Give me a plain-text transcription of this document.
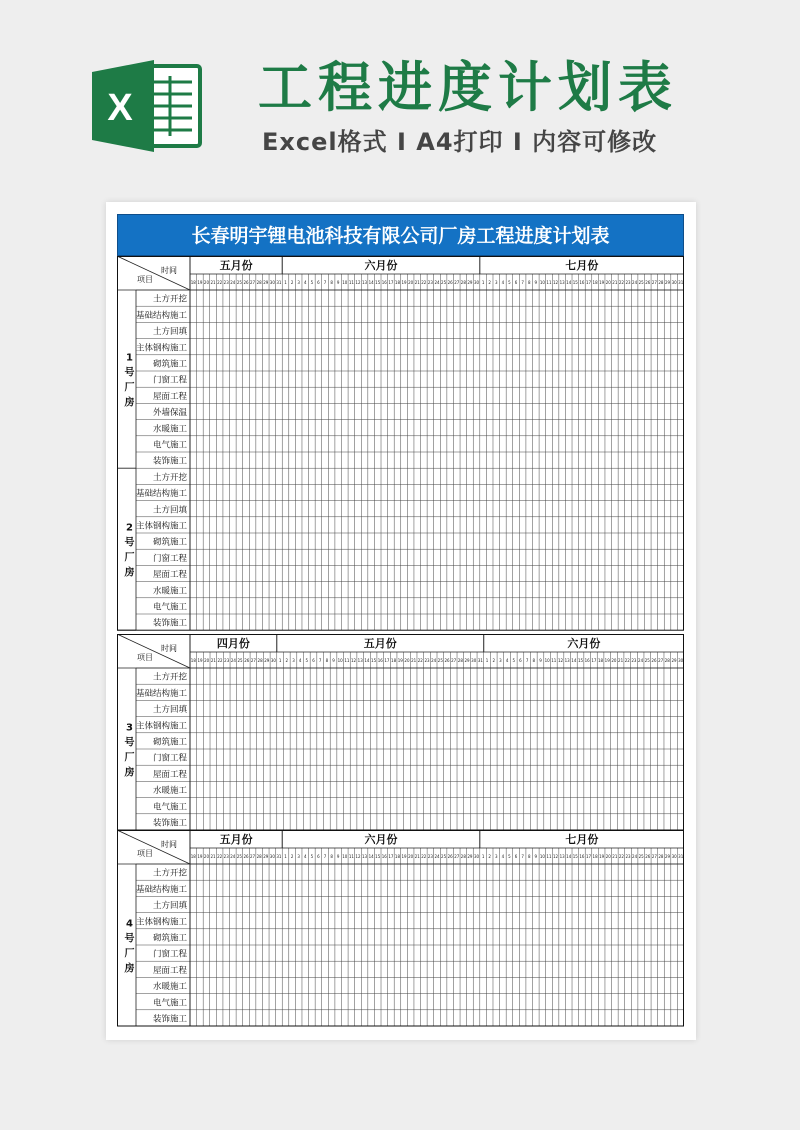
X 工程进度计划表
Excel格式 I A4打印 I 内容可修改
长春明宇锂电池科技有限公司厂房工程进度计划表
五月份
18 19 20 21 22 23 24 25 26 27 28 29 30 31
六月份
1 2 3 4 5 6 7 8 9 10 11 12 13 14 15 16 17 18 19 20 21 22 23 24 25 26 27 28 29 30
七月份
1 2 3 4 5 6 7 8 9 10 11 12 13 14 15 16 17 18 19 20 21 22 23 24 25 26 27 28 29 30 31
项目
时间
1 号厂房
土方开挖
基础结构施工
土方回填
主体钢构施工
砌筑施工
门窗工程
屋面工程
外墙保温
水暖施工
电气施工
装饰施工
2 号厂房
土方开挖
基础结构施工
土方回填
主体钢构施工
砌筑施工
门窗工程
屋面工程
水暖施工
电气施工
装饰施工
四月份
18 19 20 21 22 23 24 25 26 27 28 29 30
五月份
1 2 3 4 5 6 7 8 9 10 11 12 13 14 15 16 17 18 19 20 21 22 23 24 25 26 27 28 29 30 31
六月份
1 2 3 4 5 6 7 8 9 10 11 12 13 14 15 16 17 18 19 20 21 22 23 24 25 26 27 28 29 30
项目
时间
3 号厂房
土方开挖
基础结构施工
土方回填
主体钢构施工
砌筑施工
门窗工程
屋面工程
水暖施工
电气施工
装饰施工
五月份
18 19 20 21 22 23 24 25 26 27 28 29 30 31
六月份
1 2 3 4 5 6 7 8 9 10 11 12 13 14 15 16 17 18 19 20 21 22 23 24 25 26 27 28 29 30
七月份
1 2 3 4 5 6 7 8 9 10 11 12 13 14 15 16 17 18 19 20 21 22 23 24 25 26 27 28 29 30 31
项目
时间
4 号厂房
土方开挖
基础结构施工
土方回填
主体钢构施工
砌筑施工
门窗工程
屋面工程
水暖施工
电气施工
装饰施工
